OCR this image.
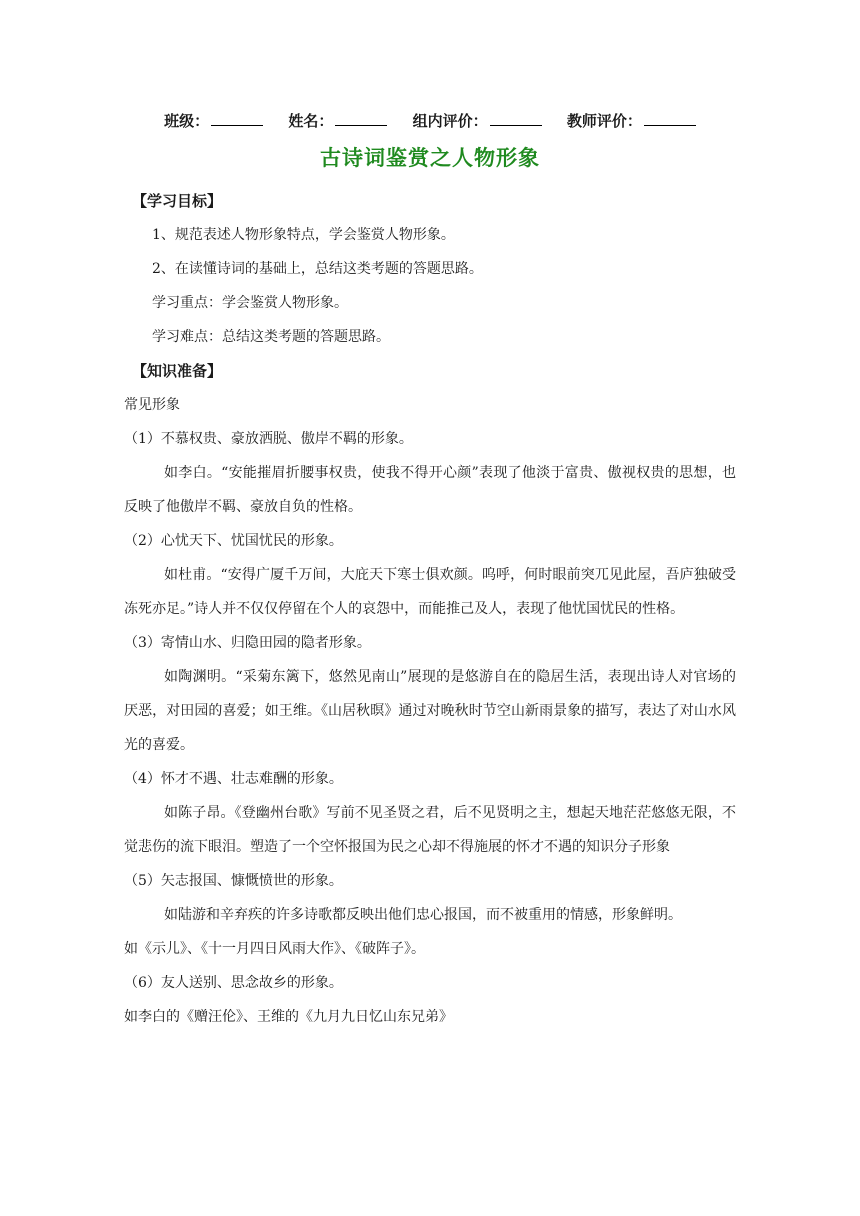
班级：	姓名：	组内评价：	教师评价：
古诗词鉴赏之人物形象
【学习目标】
1、规范表述人物形象特点，学会鉴赏人物形象。
2、在读懂诗词的基础上，总结这类考题的答题思路。
学习重点：学会鉴赏人物形象。
学习难点：总结这类考题的答题思路。
【知识准备】
常见形象
（1）不慕权贵、豪放洒脱、傲岸不羁的形象。
如李白。“安能摧眉折腰事权贵，使我不得开心颜”表现了他淡于富贵、傲视权贵的思想，也反映了他傲岸不羁、豪放自负的性格。
（2）心忧天下、忧国忧民的形象。
如杜甫。“安得广厦千万间，大庇天下寒士俱欢颜。呜呼，何时眼前突兀见此屋，吾庐独破受冻死亦足。”诗人并不仅仅停留在个人的哀怨中，而能推己及人，表现了他忧国忧民的性格。
（3）寄情山水、归隐田园的隐者形象。
如陶渊明。“采菊东篱下，悠然见南山”展现的是悠游自在的隐居生活，表现出诗人对官场的厌恶，对田园的喜爱；如王维。《山居秋暝》通过对晚秋时节空山新雨景象的描写，表达了对山水风光的喜爱。
（4）怀才不遇、壮志难酬的形象。
如陈子昂。《登幽州台歌》写前不见圣贤之君，后不见贤明之主，想起天地茫茫悠悠无限，不觉悲伤的流下眼泪。塑造了一个空怀报国为民之心却不得施展的怀才不遇的知识分子形象
（5）矢志报国、慷慨愤世的形象。
如陆游和辛弃疾的许多诗歌都反映出他们忠心报国，而不被重用的情感，形象鲜明。
如《示儿》、《十一月四日风雨大作》、《破阵子》。
（6）友人送别、思念故乡的形象。
如李白的《赠汪伦》、王维的《九月九日忆山东兄弟》
